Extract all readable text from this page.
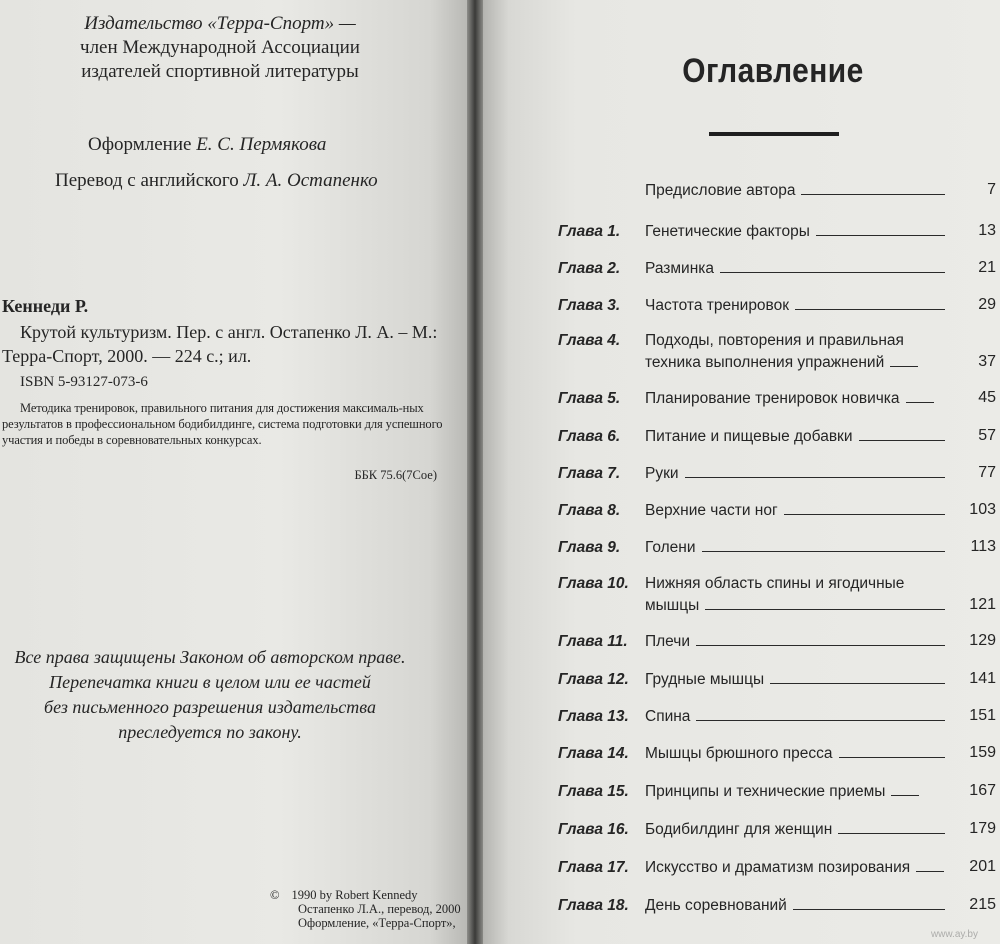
Издательство «Терра-Спорт» —
член Международной Ассоциации
издателей спортивной литературы
Оформление Е. С. Пермякова
Перевод с английского Л. А. Остапенко
Кеннеди Р.
Крутой культуризм. Пер. с англ. Остапенко Л. А. – М.: Терра-Спорт, 2000. — 224 с.; ил.
ISBN 5-93127-073-6
Методика тренировок, правильного питания для достижения максималь-ных результатов в профессиональном бодибилдинге, система подготовки для успешного участия и победы в соревновательных конкурсах.
ББК 75.6(7Сое)
Все права защищены Законом об авторском праве.
Перепечатка книги в целом или ее частей
без письменного разрешения издательства
преследуется по закону.
© 1990 by Robert Kennedy
Остапенко Л.А., перевод, 2000
Оформление, «Терра-Спорт»,
Оглавление
Предисловие автора	7
Глава 1. Генетические факторы	13
Глава 2. Разминка	21
Глава 3. Частота тренировок	29
Глава 4. Подходы, повторения и правильная
техника выполнения упражнений	37
Глава 5. Планирование тренировок новичка	45
Глава 6. Питание и пищевые добавки	57
Глава 7. Руки	77
Глава 8. Верхние части ног	103
Глава 9. Голени	113
Глава 10. Нижняя область спины и ягодичные
мышцы	121
Глава 11. Плечи	129
Глава 12. Грудные мышцы	141
Глава 13. Спина	151
Глава 14. Мышцы брюшного пресса	159
Глава 15. Принципы и технические приемы	167
Глава 16. Бодибилдинг для женщин	179
Глава 17. Искусство и драматизм позирования	201
Глава 18. День соревнований	215
www.ay.by
